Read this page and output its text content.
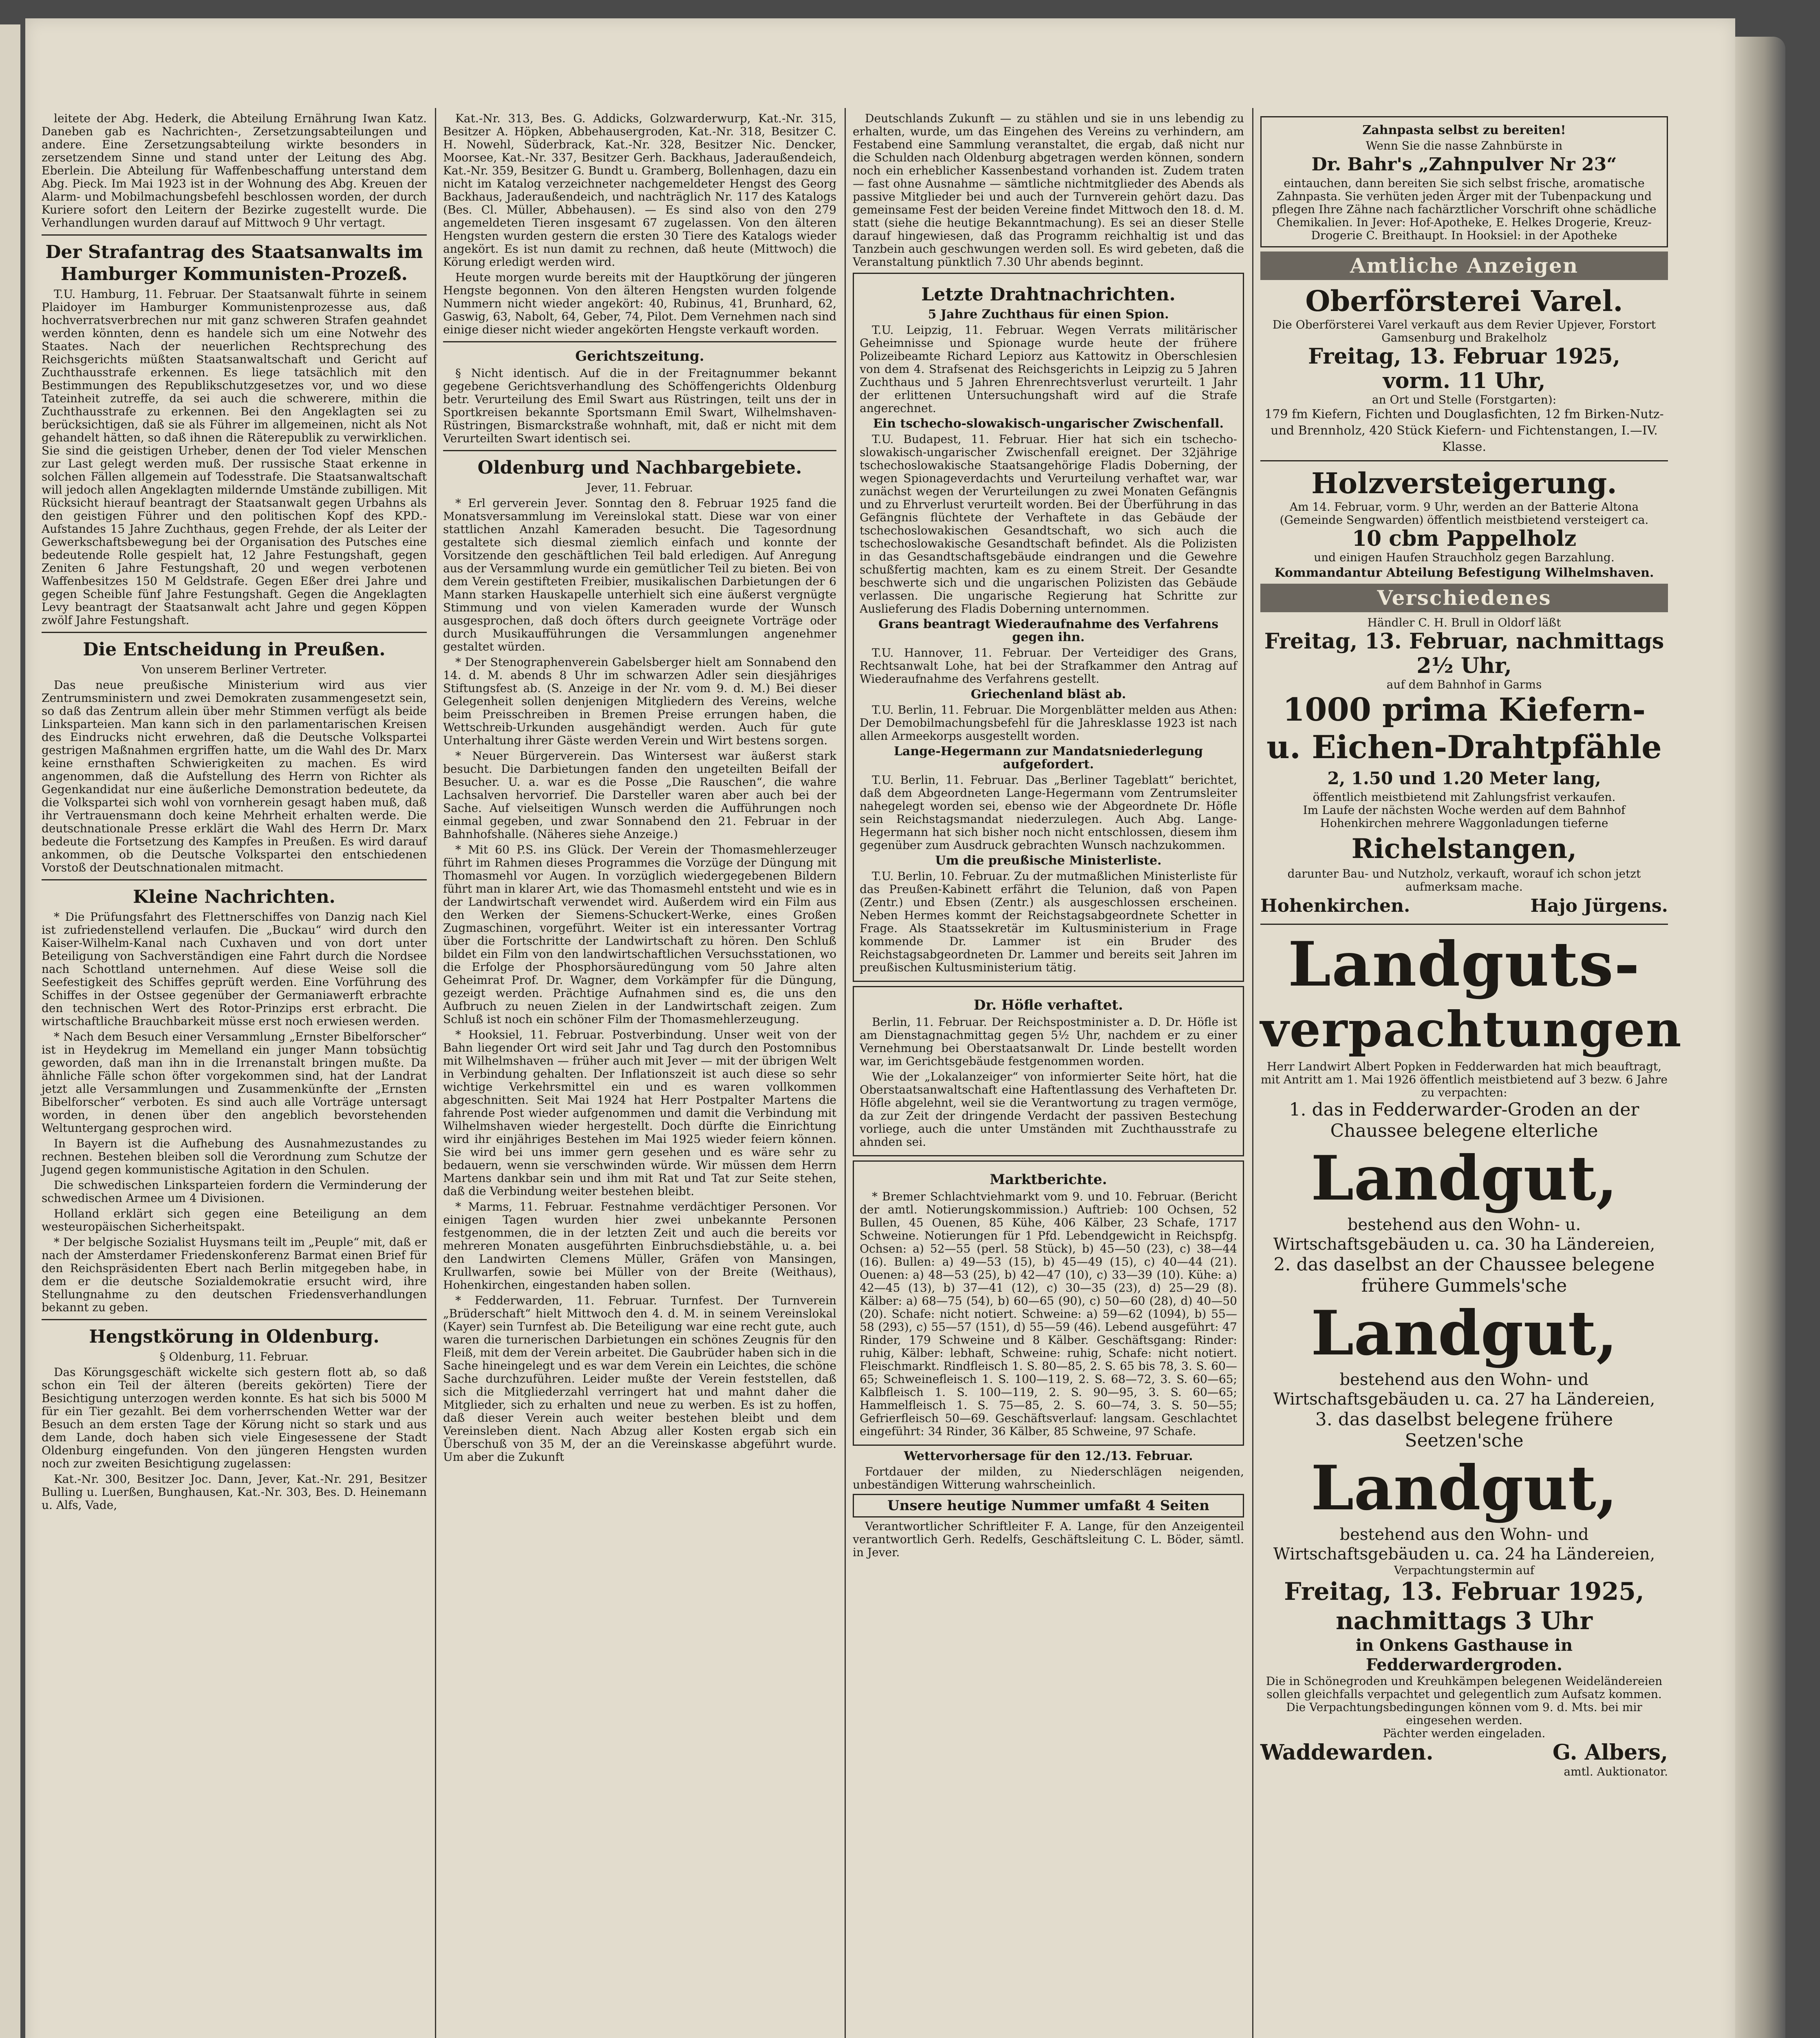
leitete der Abg. Hederk, die Abteilung Ernährung Iwan Katz. Daneben gab es Nachrichten-, Zersetzungsabteilungen und andere. Eine Zersetzungsabteilung wirkte besonders in zersetzendem Sinne und stand unter der Leitung des Abg. Eberlein. Die Abteilung für Waffenbeschaffung unterstand dem Abg. Pieck. Im Mai 1923 ist in der Wohnung des Abg. Kreuen der Alarm- und Mobilmachungsbefehl beschlossen worden, der durch Kuriere sofort den Leitern der Bezirke zugestellt wurde. Die Verhandlungen wurden darauf auf Mittwoch 9 Uhr vertagt.

Der Strafantrag des Staatsanwalts im Hamburger Kommunisten-Prozeß.

T.U. Hamburg, 11. Februar. Der Staatsanwalt führte in seinem Plaidoyer im Hamburger Kommunistenprozesse aus, daß hochverratsverbrechen nur mit ganz schweren Strafen geahndet werden könnten, denn es handele sich um eine Notwehr des Staates. Nach der neuerlichen Rechtsprechung des Reichsgerichts müßten Staatsanwaltschaft und Gericht auf Zuchthausstrafe erkennen. Es liege tatsächlich mit den Bestimmungen des Republikschutzgesetzes vor, und wo diese Tateinheit zutreffe, da sei auch die schwerere, mithin die Zuchthausstrafe zu erkennen. Bei den Angeklagten sei zu berücksichtigen, daß sie als Führer im allgemeinen, nicht als Not gehandelt hätten, so daß ihnen die Räterepublik zu verwirklichen. Sie sind die geistigen Urheber, denen der Tod vieler Menschen zur Last gelegt werden muß. Der russische Staat erkenne in solchen Fällen allgemein auf Todesstrafe. Die Staatsanwaltschaft will jedoch allen Angeklagten mildernde Umstände zubilligen. Mit Rücksicht hierauf beantragt der Staatsanwalt gegen Urbahns als den geistigen Führer und den politischen Kopf des KPD.-Aufstandes 15 Jahre Zuchthaus, gegen Frehde, der als Leiter der Gewerkschaftsbewegung bei der Organisation des Putsches eine bedeutende Rolle gespielt hat, 12 Jahre Festungshaft, gegen Zeniten 6 Jahre Festungshaft, 20 und wegen verbotenen Waffenbesitzes 150 M Geldstrafe. Gegen Eßer drei Jahre und gegen Scheible fünf Jahre Festungshaft. Gegen die Angeklagten Levy beantragt der Staatsanwalt acht Jahre und gegen Köppen zwölf Jahre Festungshaft.

Die Entscheidung in Preußen.
Von unserem Berliner Vertreter.

Das neue preußische Ministerium wird aus vier Zentrumsministern und zwei Demokraten zusammengesetzt sein, so daß das Zentrum allein über mehr Stimmen verfügt als beide Linksparteien. Man kann sich in den parlamentarischen Kreisen des Eindrucks nicht erwehren, daß die Deutsche Volkspartei gestrigen Maßnahmen ergriffen hatte, um die Wahl des Dr. Marx keine ernsthaften Schwierigkeiten zu machen. Es wird angenommen, daß die Aufstellung des Herrn von Richter als Gegenkandidat nur eine äußerliche Demonstration bedeutete, da die Volkspartei sich wohl von vornherein gesagt haben muß, daß ihr Vertrauensmann doch keine Mehrheit erhalten werde. Die deutschnationale Presse erklärt die Wahl des Herrn Dr. Marx bedeute die Fortsetzung des Kampfes in Preußen. Es wird darauf ankommen, ob die Deutsche Volkspartei den entschiedenen Vorstoß der Deutschnationalen mitmacht.

Kleine Nachrichten.

* Die Prüfungsfahrt des Flettnerschiffes von Danzig nach Kiel ist zufriedenstellend verlaufen. Die „Buckau“ wird durch den Kaiser-Wilhelm-Kanal nach Cuxhaven und von dort unter Beteiligung von Sachverständigen eine Fahrt durch die Nordsee nach Schottland unternehmen. Auf diese Weise soll die Seefestigkeit des Schiffes geprüft werden. Eine Vorführung des Schiffes in der Ostsee gegenüber der Germaniawerft erbrachte den technischen Wert des Rotor-Prinzips erst erbracht. Die wirtschaftliche Brauchbarkeit müsse erst noch erwiesen werden.

* Nach dem Besuch einer Versammlung „Ernster Bibelforscher“ ist in Heydekrug im Memelland ein junger Mann tobsüchtig geworden, daß man ihn in die Irrenanstalt bringen mußte. Da ähnliche Fälle schon öfter vorgekommen sind, hat der Landrat jetzt alle Versammlungen und Zusammenkünfte der „Ernsten Bibelforscher“ verboten. Es sind auch alle Vorträge untersagt worden, in denen über den angeblich bevorstehenden Weltuntergang gesprochen wird.

In Bayern ist die Aufhebung des Ausnahmezustandes zu rechnen. Bestehen bleiben soll die Verordnung zum Schutze der Jugend gegen kommunistische Agitation in den Schulen.

Die schwedischen Linksparteien fordern die Verminderung der schwedischen Armee um 4 Divisionen.

Holland erklärt sich gegen eine Beteiligung an dem westeuropäischen Sicherheitspakt.

* Der belgische Sozialist Huysmans teilt im „Peuple“ mit, daß er nach der Amsterdamer Friedenskonferenz Barmat einen Brief für den Reichspräsidenten Ebert nach Berlin mitgegeben habe, in dem er die deutsche Sozialdemokratie ersucht wird, ihre Stellungnahme zu den deutschen Friedensverhandlungen bekannt zu geben.

Hengstkörung in Oldenburg.
§ Oldenburg, 11. Februar.

Das Körungsgeschäft wickelte sich gestern flott ab, so daß schon ein Teil der älteren (bereits gekörten) Tiere der Besichtigung unterzogen werden konnte. Es hat sich bis 5000 M für ein Tier gezahlt. Bei dem vorherrschenden Wetter war der Besuch an dem ersten Tage der Körung nicht so stark und aus dem Lande, doch haben sich viele Eingesessene der Stadt Oldenburg eingefunden. Von den jüngeren Hengsten wurden noch zur zweiten Besichtigung zugelassen:

Kat.-Nr. 300, Besitzer Joc. Dann, Jever, Kat.-Nr. 291, Besitzer Bulling u. Luerßen, Bunghausen, Kat.-Nr. 303, Bes. D. Heinemann u. Alfs, Vade,

Kat.-Nr. 313, Bes. G. Addicks, Golzwarderwurp, Kat.-Nr. 315, Besitzer A. Höpken, Abbehausergroden, Kat.-Nr. 318, Besitzer C. H. Nowehl, Süderbrack, Kat.-Nr. 328, Besitzer Nic. Dencker, Moorsee, Kat.-Nr. 337, Besitzer Gerh. Backhaus, Jaderaußendeich, Kat.-Nr. 359, Besitzer G. Bundt u. Gramberg, Bollenhagen, dazu ein nicht im Katalog verzeichneter nachgemeldeter Hengst des Georg Backhaus, Jaderaußendeich, und nachträglich Nr. 117 des Katalogs (Bes. Cl. Müller, Abbehausen). — Es sind also von den 279 angemeldeten Tieren insgesamt 67 zugelassen. Von den älteren Hengsten wurden gestern die ersten 30 Tiere des Katalogs wieder angekört. Es ist nun damit zu rechnen, daß heute (Mittwoch) die Körung erledigt werden wird.

Heute morgen wurde bereits mit der Hauptkörung der jüngeren Hengste begonnen. Von den älteren Hengsten wurden folgende Nummern nicht wieder angekört: 40, Rubinus, 41, Brunhard, 62, Gaswig, 63, Nabolt, 64, Geber, 74, Pilot. Dem Vernehmen nach sind einige dieser nicht wieder angekörten Hengste verkauft worden.

Gerichtszeitung.

§ Nicht identisch. Auf die in der Freitagnummer bekannt gegebene Gerichtsverhandlung des Schöffengerichts Oldenburg betr. Verurteilung des Emil Swart aus Rüstringen, teilt uns der in Sportkreisen bekannte Sportsmann Emil Swart, Wilhelmshaven-Rüstringen, Bismarckstraße wohnhaft, mit, daß er nicht mit dem Verurteilten Swart identisch sei.

Oldenburg und Nachbargebiete.
Jever, 11. Februar.

* Erl gerverein Jever. Sonntag den 8. Februar 1925 fand die Monatsversammlung im Vereinslokal statt. Diese war von einer stattlichen Anzahl Kameraden besucht. Die Tagesordnung gestaltete sich diesmal ziemlich einfach und konnte der Vorsitzende den geschäftlichen Teil bald erledigen. Auf Anregung aus der Versammlung wurde ein gemütlicher Teil zu bieten. Bei von dem Verein gestifteten Freibier, musikalischen Darbietungen der 6 Mann starken Hauskapelle unterhielt sich eine äußerst vergnügte Stimmung und von vielen Kameraden wurde der Wunsch ausgesprochen, daß doch öfters durch geeignete Vorträge oder durch Musikaufführungen die Versammlungen angenehmer gestaltet würden.

* Der Stenographenverein Gabelsberger hielt am Sonnabend den 14. d. M. abends 8 Uhr im schwarzen Adler sein diesjähriges Stiftungsfest ab. (S. Anzeige in der Nr. vom 9. d. M.) Bei dieser Gelegenheit sollen denjenigen Mitgliedern des Vereins, welche beim Preisschreiben in Bremen Preise errungen haben, die Wettschreib-Urkunden ausgehändigt werden. Auch für gute Unterhaltung ihrer Gäste werden Verein und Wirt bestens sorgen.

* Neuer Bürgerverein. Das Wintersest war äußerst stark besucht. Die Darbietungen fanden den ungeteilten Beifall der Besucher. U. a. war es die Posse „Die Rauschen“, die wahre Lachsalven hervorrief. Die Darsteller waren aber auch bei der Sache. Auf vielseitigen Wunsch werden die Aufführungen noch einmal gegeben, und zwar Sonnabend den 21. Februar in der Bahnhofshalle. (Näheres siehe Anzeige.)

* Mit 60 P.S. ins Glück. Der Verein der Thomasmehlerzeuger führt im Rahmen dieses Programmes die Vorzüge der Düngung mit Thomasmehl vor Augen. In vorzüglich wiedergegebenen Bildern führt man in klarer Art, wie das Thomasmehl entsteht und wie es in der Landwirtschaft verwendet wird. Außerdem wird ein Film aus den Werken der Siemens-Schuckert-Werke, eines Großen Zugmaschinen, vorgeführt. Weiter ist ein interessanter Vortrag über die Fortschritte der Landwirtschaft zu hören. Den Schluß bildet ein Film von den landwirtschaftlichen Versuchsstationen, wo die Erfolge der Phosphorsäuredüngung vom 50 Jahre alten Geheimrat Prof. Dr. Wagner, dem Vorkämpfer für die Düngung, gezeigt werden. Prächtige Aufnahmen sind es, die uns den Aufbruch zu neuen Zielen in der Landwirtschaft zeigen. Zum Schluß ist noch ein schöner Film der Thomasmehlerzeugung.

* Hooksiel, 11. Februar. Postverbindung. Unser weit von der Bahn liegender Ort wird seit Jahr und Tag durch den Postomnibus mit Wilhelmshaven — früher auch mit Jever — mit der übrigen Welt in Verbindung gehalten. Der Inflationszeit ist auch diese so sehr wichtige Verkehrsmittel ein und es waren vollkommen abgeschnitten. Seit Mai 1924 hat Herr Postpalter Martens die fahrende Post wieder aufgenommen und damit die Verbindung mit Wilhelmshaven wieder hergestellt. Doch dürfte die Einrichtung wird ihr einjähriges Bestehen im Mai 1925 wieder feiern können. Sie wird bei uns immer gern gesehen und es wäre sehr zu bedauern, wenn sie verschwinden würde. Wir müssen dem Herrn Martens dankbar sein und ihm mit Rat und Tat zur Seite stehen, daß die Verbindung weiter bestehen bleibt.

* Marms, 11. Februar. Festnahme verdächtiger Personen. Vor einigen Tagen wurden hier zwei unbekannte Personen festgenommen, die in der letzten Zeit und auch die bereits vor mehreren Monaten ausgeführten Einbruchsdiebstähle, u. a. bei den Landwirten Clemens Müller, Gräfen von Mansingen, Krullwarfen, sowie bei Müller von der Breite (Weithaus), Hohenkirchen, eingestanden haben sollen.

* Fedderwarden, 11. Februar. Turnfest. Der Turnverein „Brüderschaft“ hielt Mittwoch den 4. d. M. in seinem Vereinslokal (Kayer) sein Turnfest ab. Die Beteiligung war eine recht gute, auch waren die turnerischen Darbietungen ein schönes Zeugnis für den Fleiß, mit dem der Verein arbeitet. Die Gaubrüder haben sich in die Sache hineingelegt und es war dem Verein ein Leichtes, die schöne Sache durchzuführen. Leider mußte der Verein feststellen, daß sich die Mitgliederzahl verringert hat und mahnt daher die Mitglieder, sich zu erhalten und neue zu werben. Es ist zu hoffen, daß dieser Verein auch weiter bestehen bleibt und dem Vereinsleben dient. Nach Abzug aller Kosten ergab sich ein Überschuß von 35 M, der an die Vereinskasse abgeführt wurde. Um aber die Zukunft

Deutschlands Zukunft — zu stählen und sie in uns lebendig zu erhalten, wurde, um das Eingehen des Vereins zu verhindern, am Festabend eine Sammlung veranstaltet, die ergab, daß nicht nur die Schulden nach Oldenburg abgetragen werden können, sondern noch ein erheblicher Kassenbestand vorhanden ist. Zudem traten — fast ohne Ausnahme — sämtliche nichtmitglieder des Abends als passive Mitglieder bei und auch der Turnverein gehört dazu. Das gemeinsame Fest der beiden Vereine findet Mittwoch den 18. d. M. statt (siehe die heutige Bekanntmachung). Es sei an dieser Stelle darauf hingewiesen, daß das Programm reichhaltig ist und das Tanzbein auch geschwungen werden soll. Es wird gebeten, daß die Veranstaltung pünktlich 7.30 Uhr abends beginnt.

Letzte Drahtnachrichten.
5 Jahre Zuchthaus für einen Spion.

T.U. Leipzig, 11. Februar. Wegen Verrats militärischer Geheimnisse und Spionage wurde heute der frühere Polizeibeamte Richard Lepiorz aus Kattowitz in Oberschlesien von dem 4. Strafsenat des Reichsgerichts in Leipzig zu 5 Jahren Zuchthaus und 5 Jahren Ehrenrechtsverlust verurteilt. 1 Jahr der erlittenen Untersuchungshaft wird auf die Strafe angerechnet.

Ein tschecho-slowakisch-ungarischer Zwischenfall.

T.U. Budapest, 11. Februar. Hier hat sich ein tschecho-slowakisch-ungarischer Zwischenfall ereignet. Der 32jährige tschechoslowakische Staatsangehörige Fladis Doberning, der wegen Spionageverdachts und Verurteilung verhaftet war, war zunächst wegen der Verurteilungen zu zwei Monaten Gefängnis und zu Ehrverlust verurteilt worden. Bei der Überführung in das Gefängnis flüchtete der Verhaftete in das Gebäude der tschechoslowakischen Gesandtschaft, wo sich auch die tschechoslowakische Gesandtschaft befindet. Als die Polizisten in das Gesandtschaftsgebäude eindrangen und die Gewehre schußfertig machten, kam es zu einem Streit. Der Gesandte beschwerte sich und die ungarischen Polizisten das Gebäude verlassen. Die ungarische Regierung hat Schritte zur Auslieferung des Fladis Doberning unternommen.

Grans beantragt Wiederaufnahme des Verfahrens gegen ihn.

T.U. Hannover, 11. Februar. Der Verteidiger des Grans, Rechtsanwalt Lohe, hat bei der Strafkammer den Antrag auf Wiederaufnahme des Verfahrens gestellt.

Griechenland bläst ab.

T.U. Berlin, 11. Februar. Die Morgenblätter melden aus Athen: Der Demobilmachungsbefehl für die Jahresklasse 1923 ist nach allen Armeekorps ausgestellt worden.

Lange-Hegermann zur Mandatsniederlegung aufgefordert.

T.U. Berlin, 11. Februar. Das „Berliner Tageblatt“ berichtet, daß dem Abgeordneten Lange-Hegermann vom Zentrumsleiter nahegelegt worden sei, ebenso wie der Abgeordnete Dr. Höfle sein Reichstagsmandat niederzulegen. Auch Abg. Lange-Hegermann hat sich bisher noch nicht entschlossen, diesem ihm gegenüber zum Ausdruck gebrachten Wunsch nachzukommen.

Um die preußische Ministerliste.

T.U. Berlin, 10. Februar. Zu der mutmaßlichen Ministerliste für das Preußen-Kabinett erfährt die Telunion, daß von Papen (Zentr.) und Ebsen (Zentr.) als ausgeschlossen erscheinen. Neben Hermes kommt der Reichstagsabgeordnete Schetter in Frage. Als Staatssekretär im Kultusministerium in Frage kommende Dr. Lammer ist ein Bruder des Reichstagsabgeordneten Dr. Lammer und bereits seit Jahren im preußischen Kultusministerium tätig.

Dr. Höfle verhaftet.

Berlin, 11. Februar. Der Reichspostminister a. D. Dr. Höfle ist am Dienstagnachmittag gegen 5½ Uhr, nachdem er zu einer Vernehmung bei Oberstaatsanwalt Dr. Linde bestellt worden war, im Gerichtsgebäude festgenommen worden.

Wie der „Lokalanzeiger“ von informierter Seite hört, hat die Oberstaatsanwaltschaft eine Haftentlassung des Verhafteten Dr. Höfle abgelehnt, weil sie die Verantwortung zu tragen vermöge, da zur Zeit der dringende Verdacht der passiven Bestechung vorliege, auch die unter Umständen mit Zuchthausstrafe zu ahnden sei.

Marktberichte.

* Bremer Schlachtviehmarkt vom 9. und 10. Februar. (Bericht der amtl. Notierungskommission.) Auftrieb: 100 Ochsen, 52 Bullen, 45 Ouenen, 85 Kühe, 406 Kälber, 23 Schafe, 1717 Schweine. Notierungen für 1 Pfd. Lebendgewicht in Reichspfg. Ochsen: a) 52—55 (perl. 58 Stück), b) 45—50 (23), c) 38—44 (16). Bullen: a) 49—53 (15), b) 45—49 (15), c) 40—44 (21). Ouenen: a) 48—53 (25), b) 42—47 (10), c) 33—39 (10). Kühe: a) 42—45 (13), b) 37—41 (12), c) 30—35 (23), d) 25—29 (8). Kälber: a) 68—75 (54), b) 60—65 (90), c) 50—60 (28), d) 40—50 (20). Schafe: nicht notiert. Schweine: a) 59—62 (1094), b) 55—58 (293), c) 55—57 (151), d) 55—59 (46). Lebend ausgeführt: 47 Rinder, 179 Schweine und 8 Kälber. Geschäftsgang: Rinder: ruhig, Kälber: lebhaft, Schweine: ruhig, Schafe: nicht notiert. Fleischmarkt. Rindfleisch 1. S. 80—85, 2. S. 65 bis 78, 3. S. 60—65; Schweinefleisch 1. S. 100—119, 2. S. 68—72, 3. S. 60—65; Kalbfleisch 1. S. 100—119, 2. S. 90—95, 3. S. 60—65; Hammelfleisch 1. S. 75—85, 2. S. 60—74, 3. S. 50—55; Gefrierfleisch 50—69. Geschäftsverlauf: langsam. Geschlachtet eingeführt: 34 Rinder, 36 Kälber, 85 Schweine, 97 Schafe.

Wettervorhersage für den 12./13. Februar.

Fortdauer der milden, zu Niederschlägen neigenden, unbeständigen Witterung wahrscheinlich.

Unsere heutige Nummer umfaßt 4 Seiten

Verantwortlicher Schriftleiter F. A. Lange, für den Anzeigenteil verantwortlich Gerh. Redelfs, Geschäftsleitung C. L. Böder, sämtl. in Jever.

Zahnpasta selbst zu bereiten!
Wenn Sie die nasse Zahnbürste in
Dr. Bahr's „Zahnpulver Nr 23“
eintauchen, dann bereiten Sie sich selbst frische, aromatische Zahnpasta. Sie verhüten jeden Ärger mit der Tubenpackung und pflegen Ihre Zähne nach fachärztlicher Vorschrift ohne schädliche Chemikalien. In Jever: Hof-Apotheke, E. Helkes Drogerie, Kreuz-Drogerie C. Breithaupt. In Hooksiel: in der Apotheke
Amtliche Anzeigen
Oberförsterei Varel.
Die Oberförsterei Varel verkauft aus dem Revier Upjever, Forstort Gamsenburg und Brakelholz
Freitag, 13. Februar 1925,
vorm. 11 Uhr,
an Ort und Stelle (Forstgarten):
179 fm Kiefern, Fichten und Douglasfichten, 12 fm Birken-Nutz- und Brennholz, 420 Stück Kiefern- und Fichtenstangen, I.—IV. Klasse.
Holzversteigerung.
Am 14. Februar, vorm. 9 Uhr, werden an der Batterie Altona (Gemeinde Sengwarden) öffentlich meistbietend versteigert ca.
10 cbm Pappelholz
und einigen Haufen Strauchholz gegen Barzahlung.
Kommandantur Abteilung Befestigung Wilhelmshaven.
Verschiedenes
Händler C. H. Brull in Oldorf läßt
Freitag, 13. Februar, nachmittags 2½ Uhr,
auf dem Bahnhof in Garms
1000 prima Kiefern-
u. Eichen-Drahtpfähle
2, 1.50 und 1.20 Meter lang,
öffentlich meistbietend mit Zahlungsfrist verkaufen.
Im Laufe der nächsten Woche werden auf dem Bahnhof Hohenkirchen mehrere Waggonladungen tieferne
Richelstangen,
darunter Bau- und Nutzholz, verkauft, worauf ich schon jetzt aufmerksam mache.
Hohenkirchen.	Hajo Jürgens.
Landguts-
verpachtungen
Herr Landwirt Albert Popken in Fedderwarden hat mich beauftragt, mit Antritt am 1. Mai 1926 öffentlich meistbietend auf 3 bezw. 6 Jahre zu verpachten:
1. das in Fedderwarder-Groden an der Chaussee belegene elterliche
Landgut,
bestehend aus den Wohn- u. Wirtschaftsgebäuden u. ca. 30 ha Ländereien,
2. das daselbst an der Chaussee belegene frühere Gummels'sche
Landgut,
bestehend aus den Wohn- und Wirtschaftsgebäuden u. ca. 27 ha Ländereien,
3. das daselbst belegene frühere Seetzen'sche
Landgut,
bestehend aus den Wohn- und Wirtschaftsgebäuden u. ca. 24 ha Ländereien,
Verpachtungstermin auf
Freitag, 13. Februar 1925,
nachmittags 3 Uhr
in Onkens Gasthause in Fedderwardergroden.
Die in Schönegroden und Kreuhkämpen belegenen Weideländereien sollen gleichfalls verpachtet und gelegentlich zum Aufsatz kommen. Die Verpachtungsbedingungen können vom 9. d. Mts. bei mir eingesehen werden.
Pächter werden eingeladen.
Waddewarden.	G. Albers,
amtl. Auktionator.
